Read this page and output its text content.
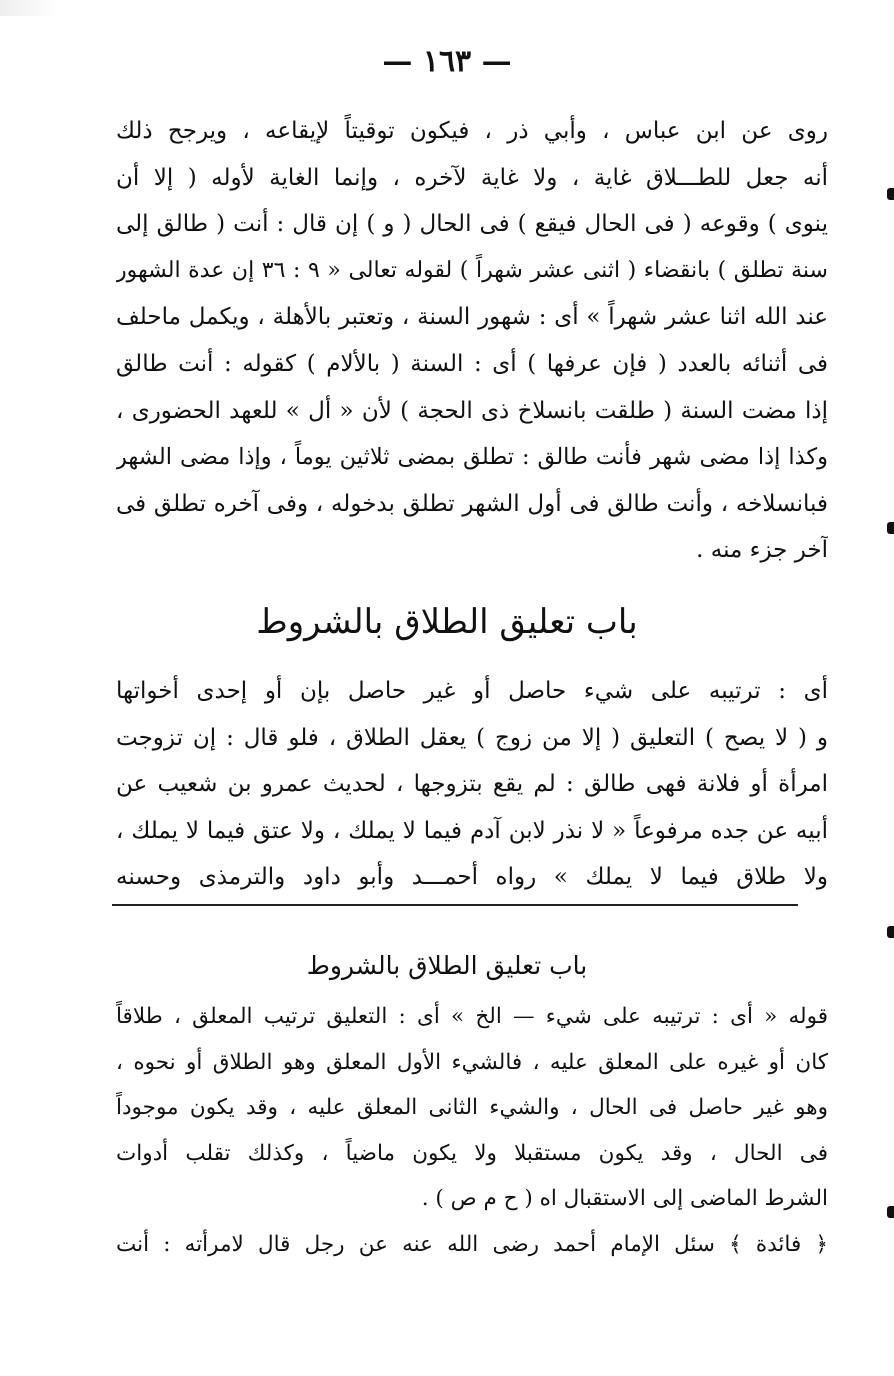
— ١٦٣ —
روى عن ابن عباس ، وأبي ذر ، فيكون توقيتاً لإيقاعه ، ويرجح ذلك
أنه جعل للطـــلاق غاية ، ولا غاية لآخره ، وإنما الغاية لأوله ( إلا أن
ينوى ) وقوعه ( فى الحال فيقع ) فى الحال ( و ) إن قال : أنت ( طالق إلى
سنة تطلق ) بانقضاء ( اثنى عشر شهراً ) لقوله تعالى « ٩ : ٣٦ إن عدة الشهور
عند الله اثنا عشر شهراً » أى : شهور السنة ، وتعتبر بالأهلة ، ويكمل ماحلف
فى أثنائه بالعدد ( فإن عرفها ) أى : السنة ( بالألام ) كقوله : أنت طالق
إذا مضت السنة ( طلقت بانسلاخ ذى الحجة ) لأن « أل » للعهد الحضورى ،
وكذا إذا مضى شهر فأنت طالق : تطلق بمضى ثلاثين يوماً ، وإذا مضى الشهر
فبانسلاخه ، وأنت طالق فى أول الشهر تطلق بدخوله ، وفى آخره تطلق فى
آخر جزء منه .
باب تعليق الطلاق بالشروط
أى : ترتيبه على شيء حاصل أو غير حاصل بإن أو إحدى أخواتها
و ( لا يصح ) التعليق ( إلا من زوج ) يعقل الطلاق ، فلو قال : إن تزوجت
امرأة أو فلانة فهى طالق : لم يقع بتزوجها ، لحديث عمرو بن شعيب عن
أبيه عن جده مرفوعاً « لا نذر لابن آدم فيما لا يملك ، ولا عتق فيما لا يملك ،
ولا طلاق فيما لا يملك » رواه أحمـــد وأبو داود والترمذى وحسنه
باب تعليق الطلاق بالشروط
قوله « أى : ترتيبه على شيء — الخ » أى : التعليق ترتيب المعلق ، طلاقاً
كان أو غيره على المعلق عليه ، فالشيء الأول المعلق وهو الطلاق أو نحوه ،
وهو غير حاصل فى الحال ، والشيء الثانى المعلق عليه ، وقد يكون موجوداً
فى الحال ، وقد يكون مستقبلا ولا يكون ماضياً ، وكذلك تقلب أدوات
الشرط الماضى إلى الاستقبال اه ( ح م ص ) .
﴿ فائدة ﴾ سئل الإمام أحمد رضى الله عنه عن رجل قال لامرأته : أنت
